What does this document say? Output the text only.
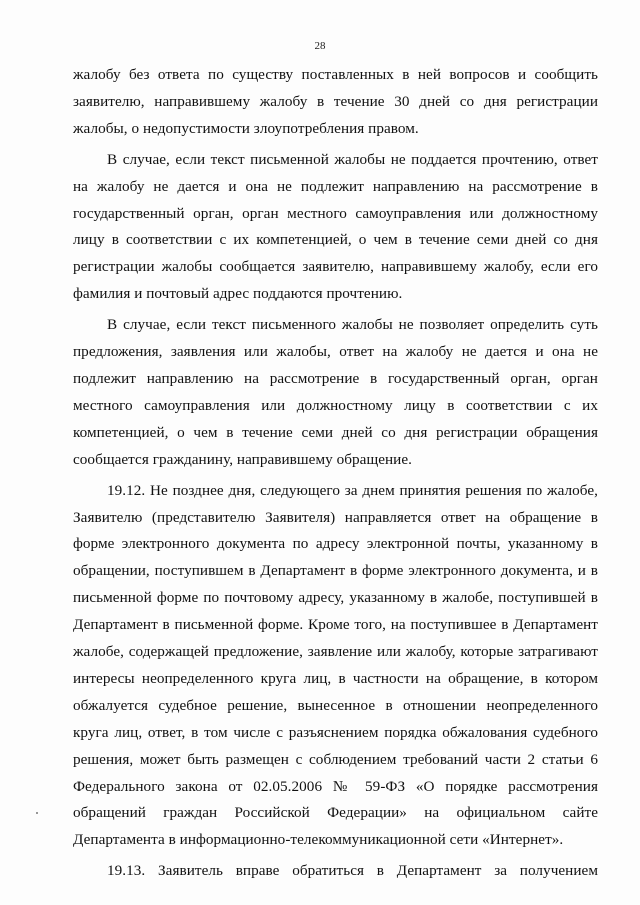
28

жалобу без ответа по существу поставленных в ней вопросов и сообщить заявителю, направившему жалобу в течение 30 дней со дня регистрации жалобы, о недопустимости злоупотребления правом.

В случае, если текст письменной жалобы не поддается прочтению, ответ на жалобу не дается и она не подлежит направлению на рассмотрение в государственный орган, орган местного самоуправления или должностному лицу в соответствии с их компетенцией, о чем в течение семи дней со дня регистрации жалобы сообщается заявителю, направившему жалобу, если его фамилия и почтовый адрес поддаются прочтению.

В случае, если текст письменного жалобы не позволяет определить суть предложения, заявления или жалобы, ответ на жалобу не дается и она не подлежит направлению на рассмотрение в государственный орган, орган местного самоуправления или должностному лицу в соответствии с их компетенцией, о чем в течение семи дней со дня регистрации обращения сообщается гражданину, направившему обращение.

19.12. Не позднее дня, следующего за днем принятия решения по жалобе, Заявителю (представителю Заявителя) направляется ответ на обращение в форме электронного документа по адресу электронной почты, указанному в обращении, поступившем в Департамент в форме электронного документа, и в письменной форме по почтовому адресу, указанному в жалобе, поступившей в Департамент в письменной форме. Кроме того, на поступившее в Департамент жалобе, содержащей предложение, заявление или жалобу, которые затрагивают интересы неопределенного круга лиц, в частности на обращение, в котором обжалуется судебное решение, вынесенное в отношении неопределенного круга лиц, ответ, в том числе с разъяснением порядка обжалования судебного решения, может быть размещен с соблюдением требований части 2 статьи 6 Федерального закона от 02.05.2006 № 59-ФЗ «О порядке рассмотрения обращений граждан Российской Федерации» на официальном сайте Департамента в информационно-телекоммуникационной сети «Интернет».

19.13. Заявитель вправе обратиться в Департамент за получением
